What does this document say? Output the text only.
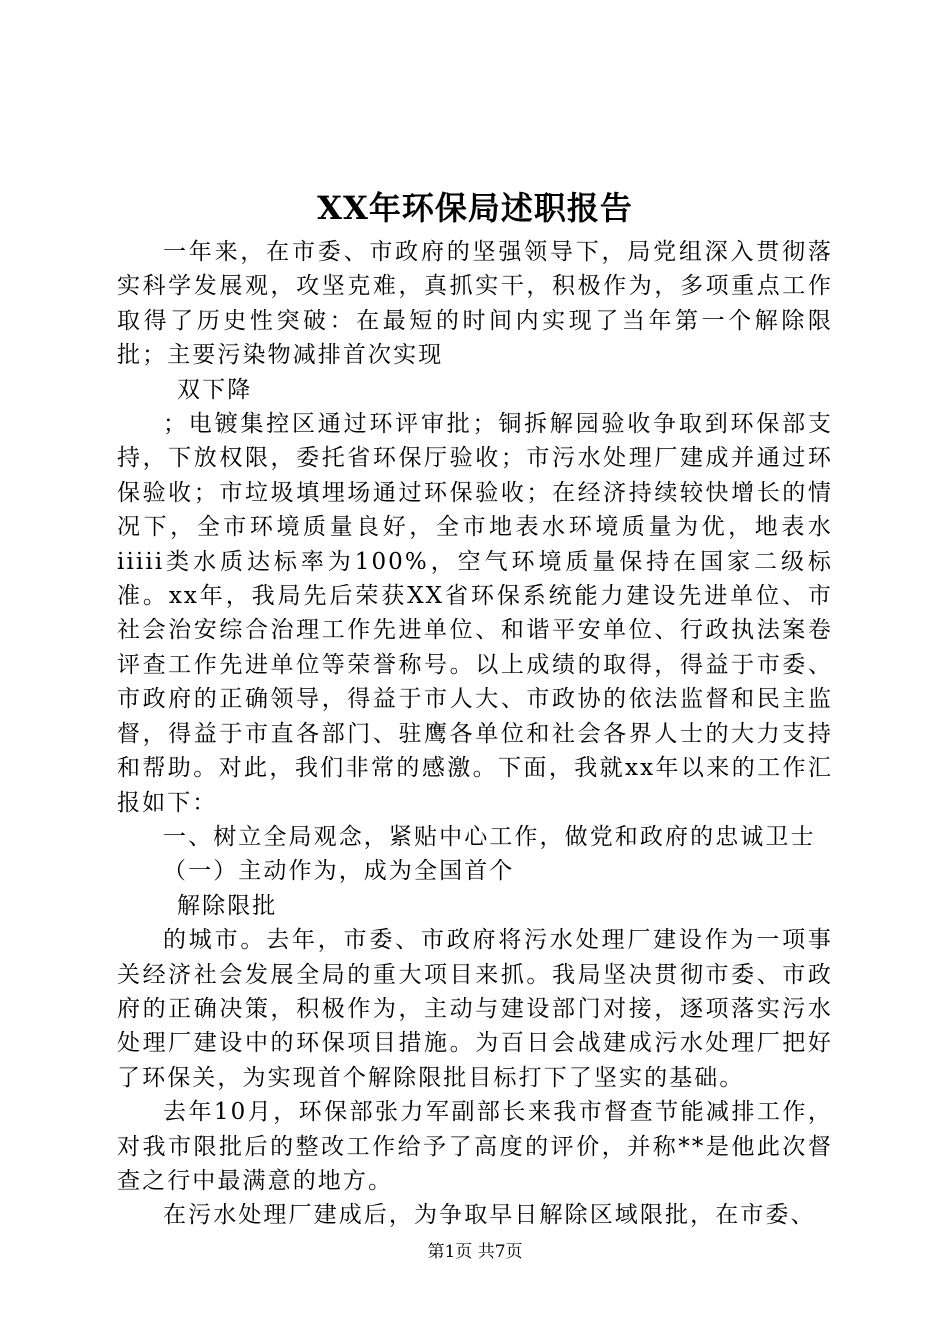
XX年环保局述职报告

一年来，在市委、市政府的坚强领导下，局党组深入贯彻落实科学发展观，攻坚克难，真抓实干，积极作为，多项重点工作取得了历史性突破：在最短的时间内实现了当年第一个解除限批；主要污染物减排首次实现

双下降

；电镀集控区通过环评审批；铜拆解园验收争取到环保部支持，下放权限，委托省环保厅验收；市污水处理厂建成并通过环保验收；市垃圾填埋场通过环保验收；在经济持续较快增长的情况下，全市环境质量良好，全市地表水环境质量为优，地表水iiiii类水质达标率为100%，空气环境质量保持在国家二级标准。xx年，我局先后荣获XX省环保系统能力建设先进单位、市社会治安综合治理工作先进单位、和谐平安单位、行政执法案卷评查工作先进单位等荣誉称号。以上成绩的取得，得益于市委、市政府的正确领导，得益于市人大、市政协的依法监督和民主监督，得益于市直各部门、驻鹰各单位和社会各界人士的大力支持和帮助。对此，我们非常的感激。下面，我就xx年以来的工作汇报如下：

一、树立全局观念，紧贴中心工作，做党和政府的忠诚卫士

（一）主动作为，成为全国首个

解除限批

的城市。去年，市委、市政府将污水处理厂建设作为一项事关经济社会发展全局的重大项目来抓。我局坚决贯彻市委、市政府的正确决策，积极作为，主动与建设部门对接，逐项落实污水处理厂建设中的环保项目措施。为百日会战建成污水处理厂把好了环保关，为实现首个解除限批目标打下了坚实的基础。

去年10月，环保部张力军副部长来我市督查节能减排工作，对我市限批后的整改工作给予了高度的评价，并称**是他此次督查之行中最满意的地方。

在污水处理厂建成后，为争取早日解除区域限批，在市委、

第1页 共7页
